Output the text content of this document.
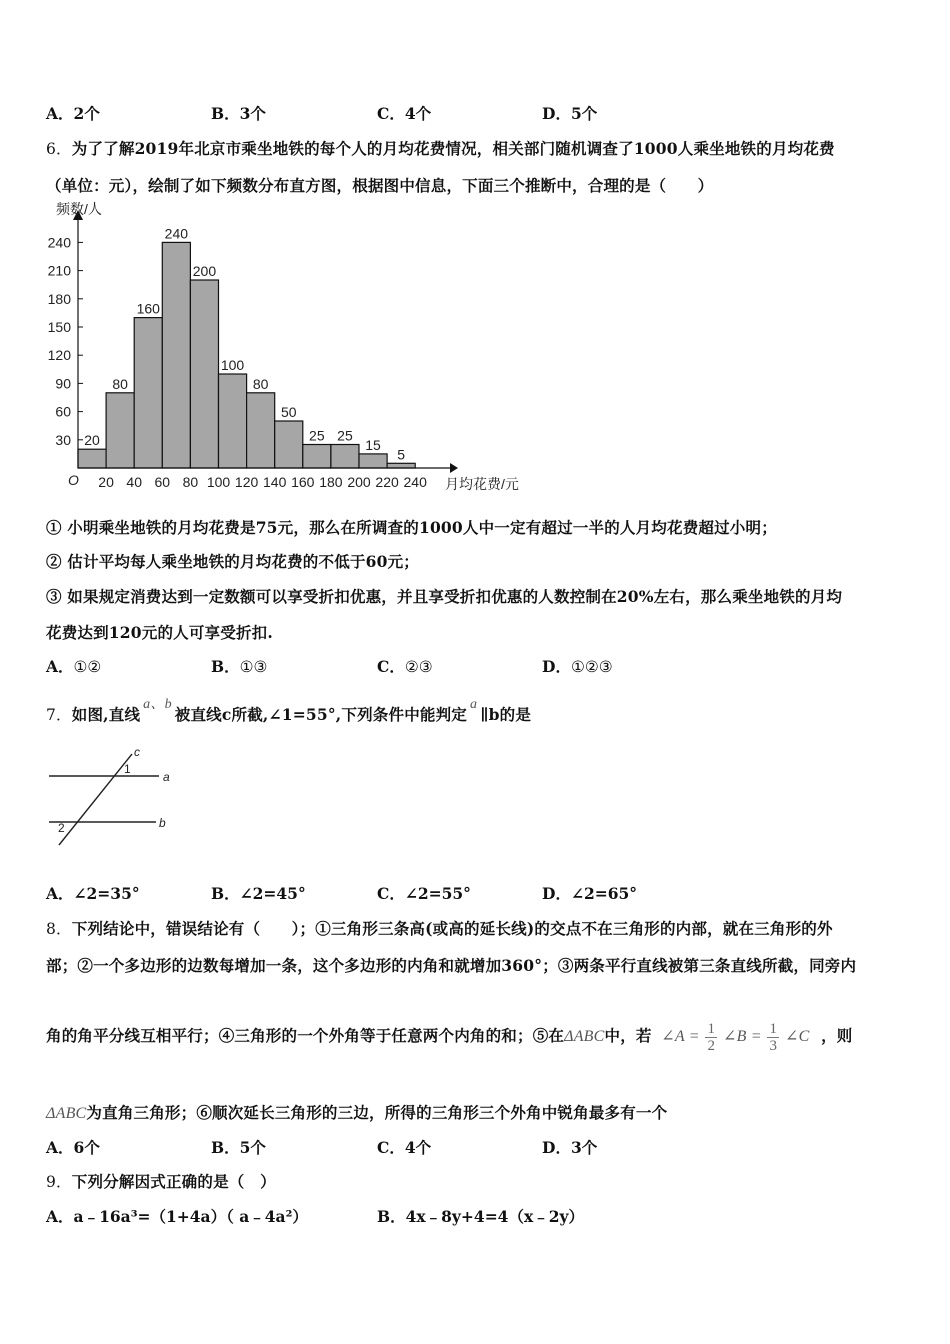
A．2个	B．3个	C．4个	D．5个
6．为了了解2019年北京市乘坐地铁的每个人的月均花费情况，相关部门随机调查了1000人乘坐地铁的月均花费
（单位：元），绘制了如下频数分布直方图，根据图中信息，下面三个推断中，合理的是（　　）
20
80
160
240
200
100
80
50
25 25
15
5
30
60
90
120
150
180
210
240
20 40 60 80 100 120 140 160 180 200 220 240
O
频数/人
月均花费/元
① 小明乘坐地铁的月均花费是75元，那么在所调查的1000人中一定有超过一半的人月均花费超过小明；
② 估计平均每人乘坐地铁的月均花费的不低于60元；
③ 如果规定消费达到一定数额可以享受折扣优惠，并且享受折扣优惠的人数控制在20%左右，那么乘坐地铁的月均
花费达到120元的人可享受折扣.
A．①②	B．①③	C．②③	D．①②③
7．如图,直线a、b被直线c所截,∠1=55°,下列条件中能判定a∥b的是
c
a
b
1
2
A．∠2=35°	B．∠2=45°	C．∠2=55°	D．∠2=65°
8．下列结论中，错误结论有（　　）；①三角形三条高(或高的延长线)的交点不在三角形的内部，就在三角形的外
部；②一个多边形的边数每增加一条，这个多边形的内角和就增加360°；③两条平行直线被第三条直线所截，同旁内
角的角平分线互相平行；④三角形的一个外角等于任意两个内角的和；⑤在ΔABC中，若 ∠A = $\frac{1}{2}$ ∠B = $\frac{1}{3}$ ∠C ，则
ΔABC为直角三角形；⑥顺次延长三角形的三边，所得的三角形三个外角中锐角最多有一个
A．6个	B．5个	C．4个	D．3个
9．下列分解因式正确的是（　）
A．a﹣16a³=（1+4a）（ a﹣4a²）	B．4x﹣8y+4=4（x﹣2y）
